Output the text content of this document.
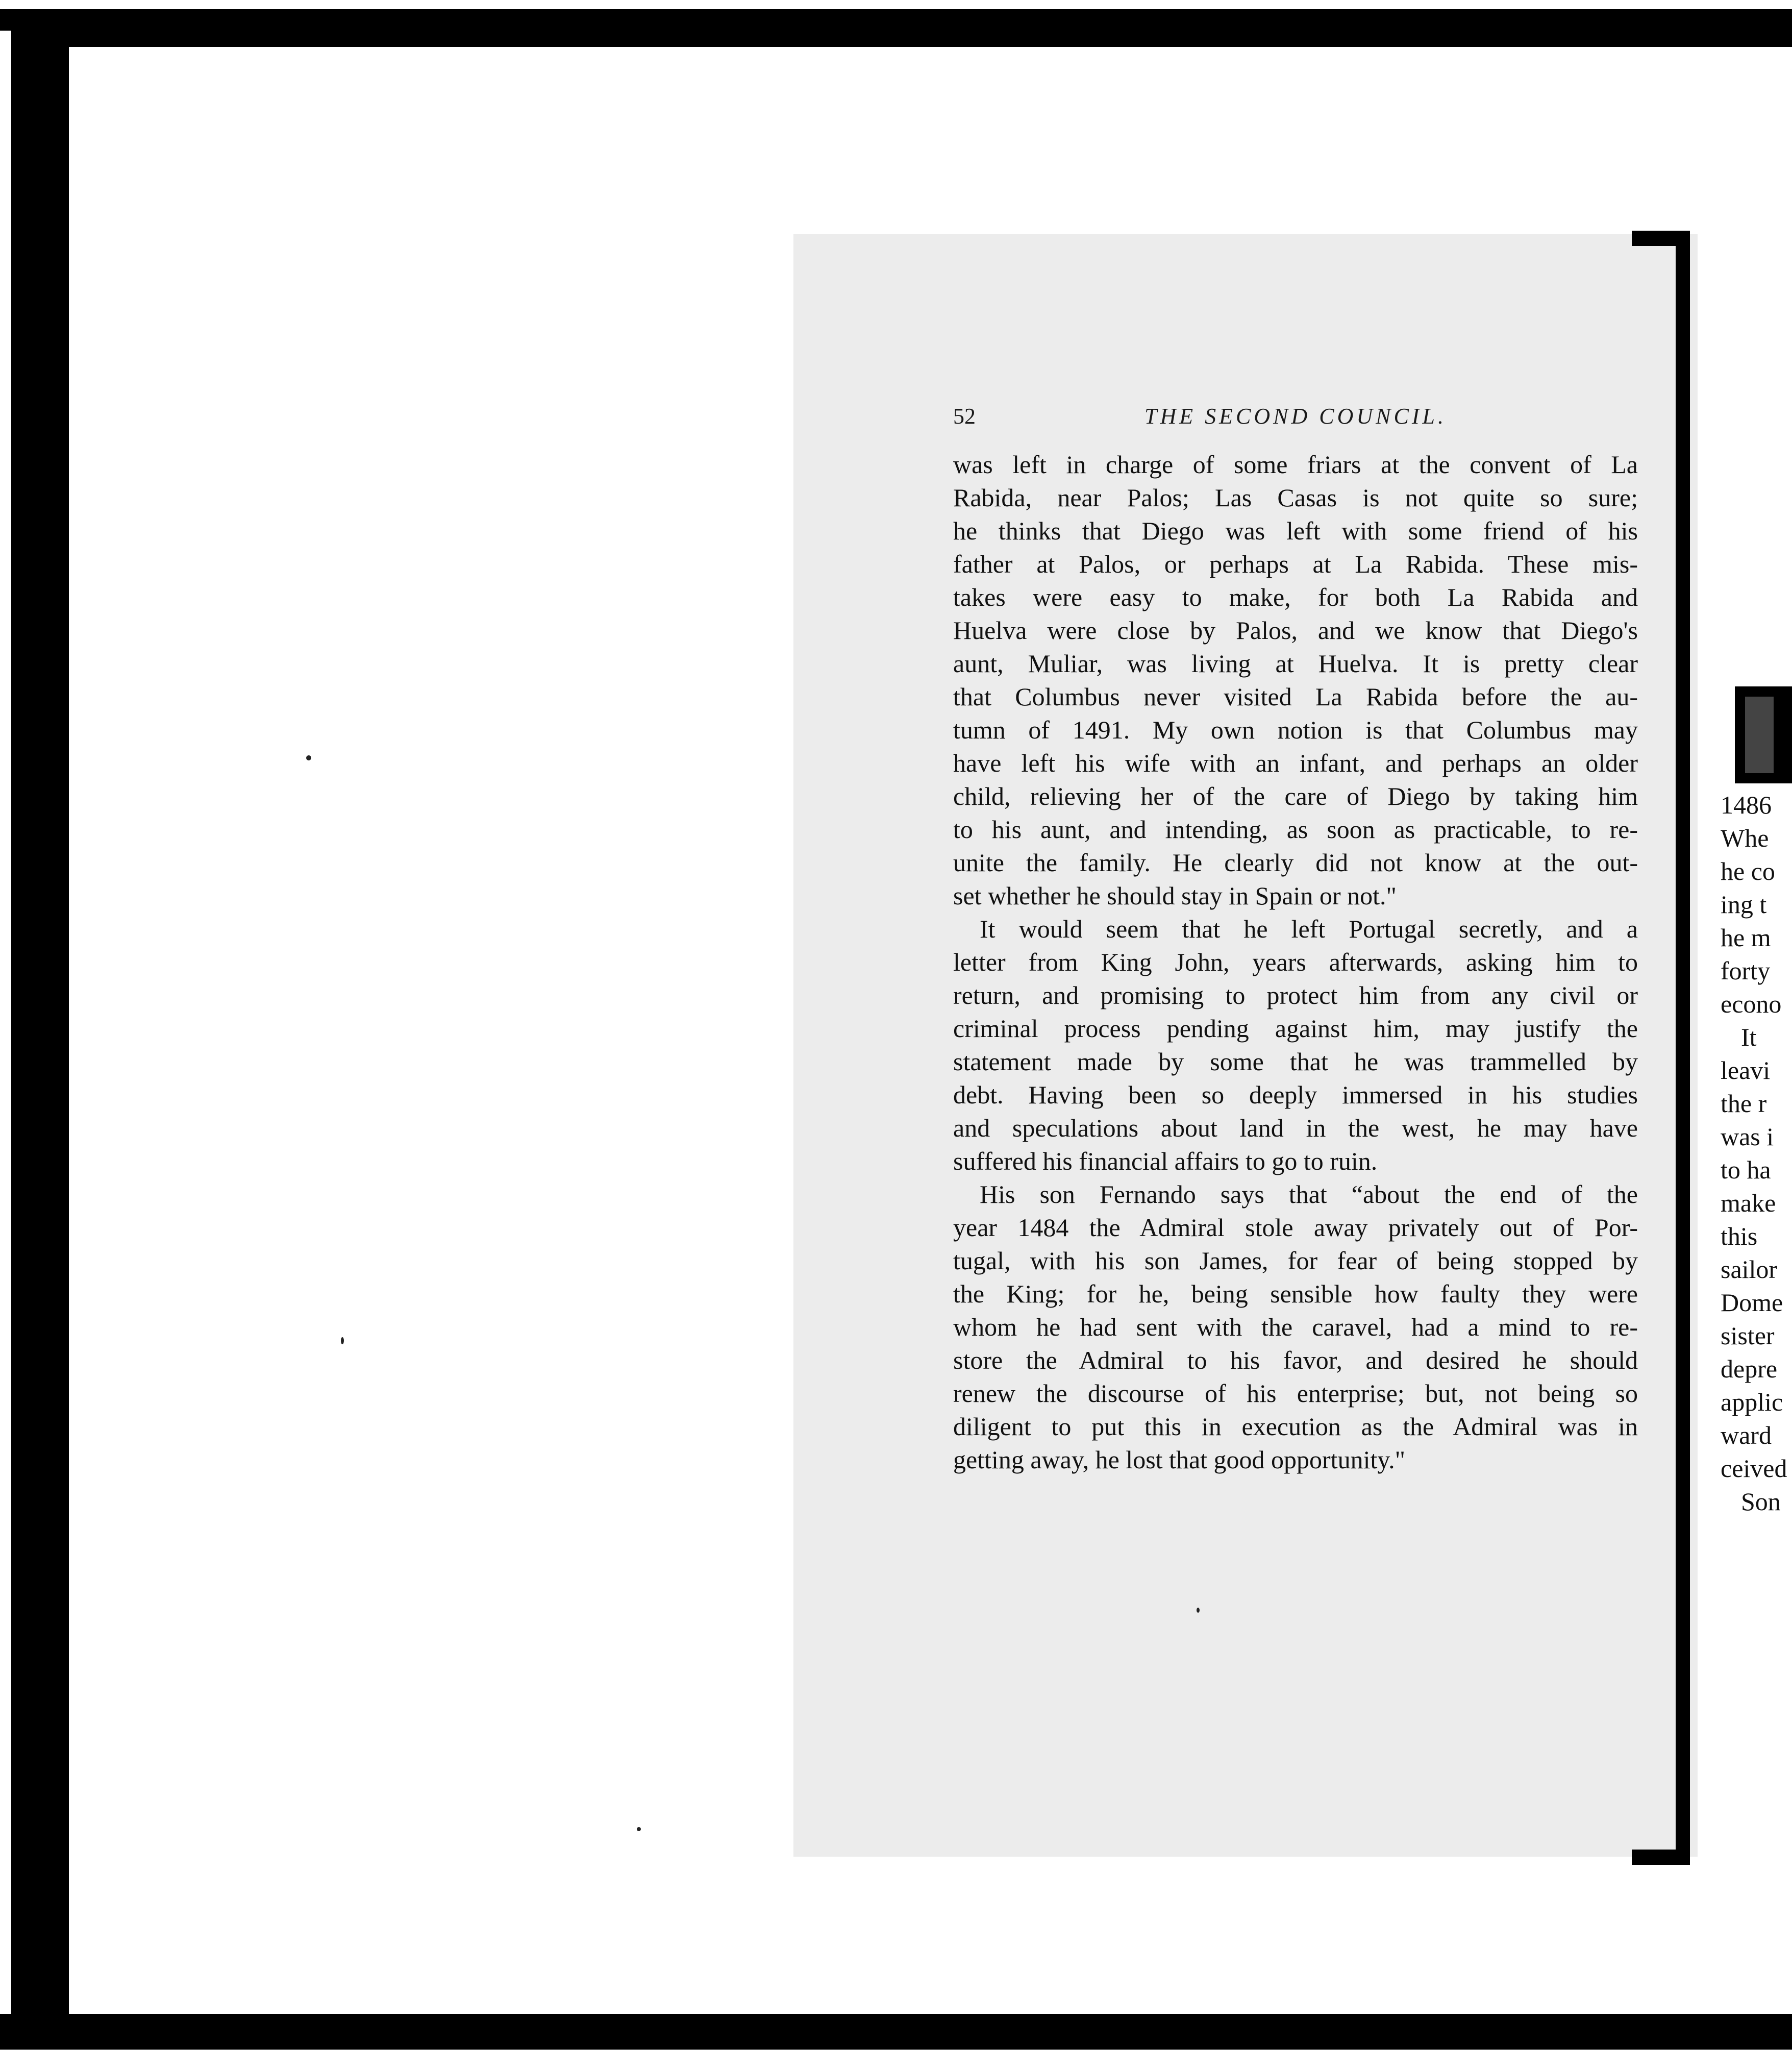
52	THE SECOND COUNCIL.
was left in charge of some friars at the convent of La
Rabida, near Palos; Las Casas is not quite so sure;
he thinks that Diego was left with some friend of his
father at Palos, or perhaps at La Rabida. These mis-
takes were easy to make, for both La Rabida and
Huelva were close by Palos, and we know that Diego's
aunt, Muliar, was living at Huelva. It is pretty clear
that Columbus never visited La Rabida before the au-
tumn of 1491. My own notion is that Columbus may
have left his wife with an infant, and perhaps an older
child, relieving her of the care of Diego by taking him
to his aunt, and intending, as soon as practicable, to re-
unite the family. He clearly did not know at the out-
set whether he should stay in Spain or not."
It would seem that he left Portugal secretly, and a
letter from King John, years afterwards, asking him to
return, and promising to protect him from any civil or
criminal process pending against him, may justify the
statement made by some that he was trammelled by
debt. Having been so deeply immersed in his studies
and speculations about land in the west, he may have
suffered his financial affairs to go to ruin.
His son Fernando says that “about the end of the
year 1484 the Admiral stole away privately out of Por-
tugal, with his son James, for fear of being stopped by
the King; for he, being sensible how faulty they were
whom he had sent with the caravel, had a mind to re-
store the Admiral to his favor, and desired he should
renew the discourse of his enterprise; but, not being so
diligent to put this in execution as the Admiral was in
getting away, he lost that good opportunity."
1486
Whe
he co
ing t
he m
forty
econo
It
leavi
the r
was i
to ha
make
this
sailor
Dome
sister
depre
applic
ward
ceived
Son
